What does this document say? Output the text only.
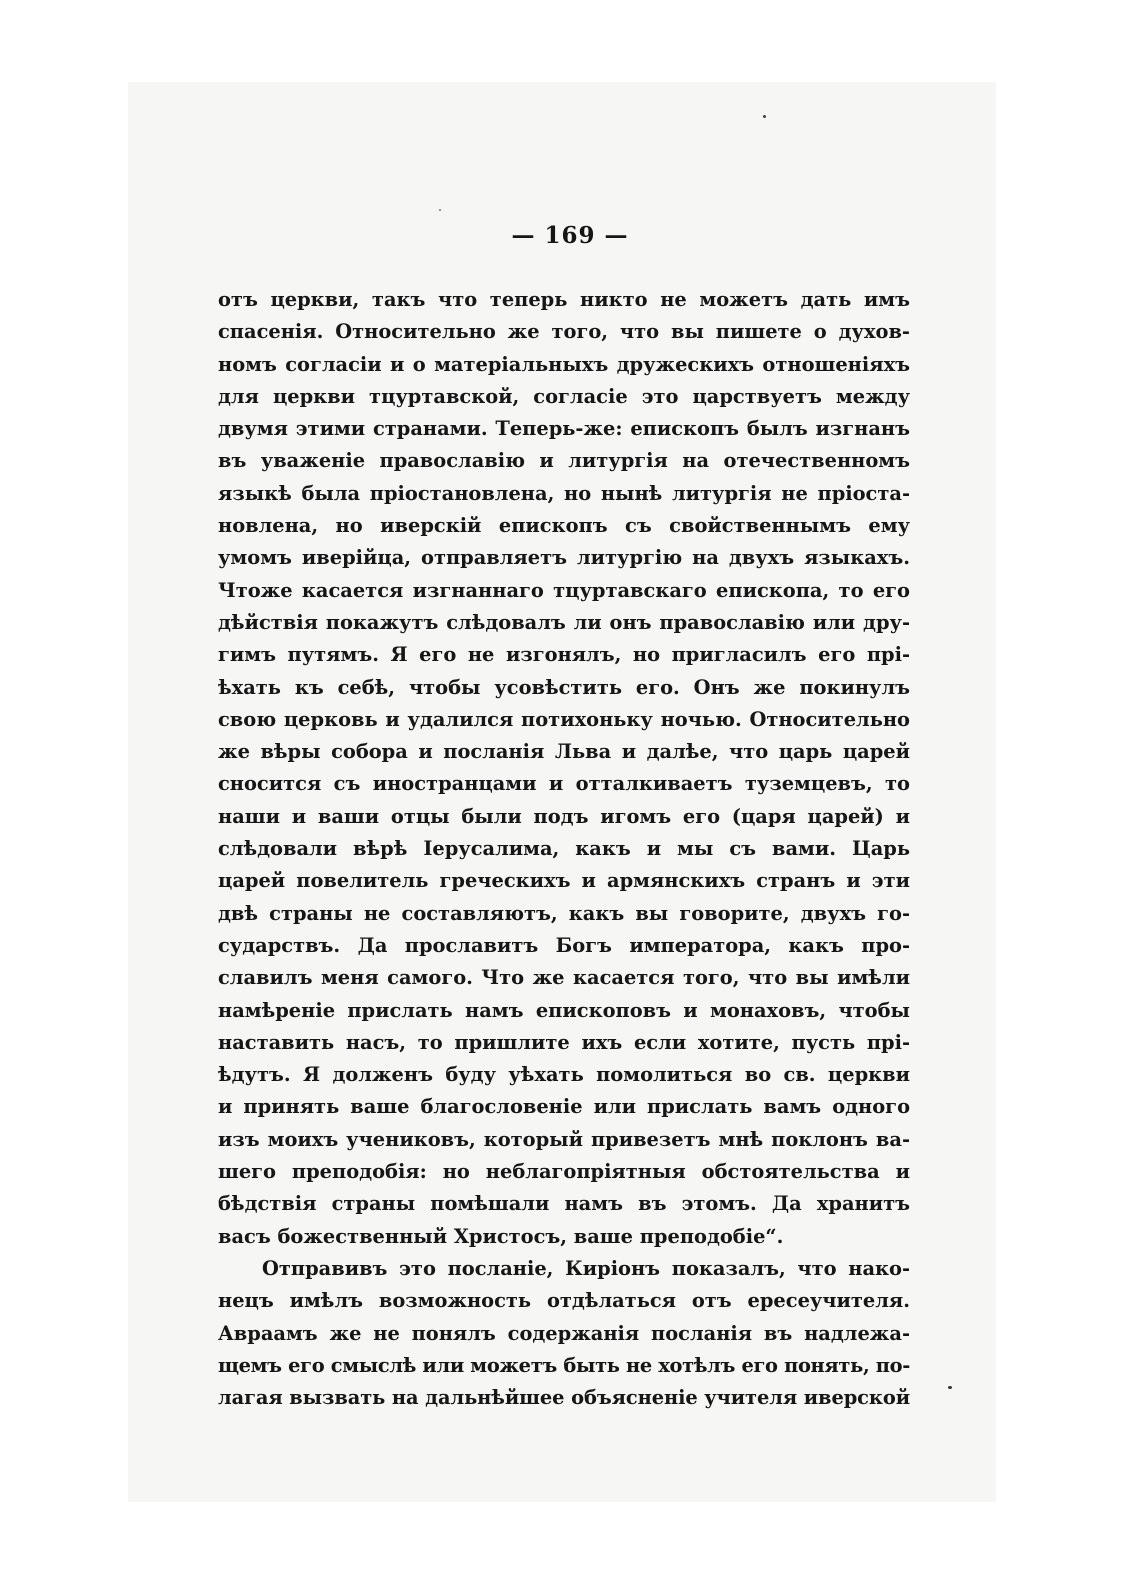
— 169 —
отъ церкви, такъ что теперь никто не можетъ дать имъ
спасенія. Относительно же того, что вы пишете о духов-
номъ согласіи и о матеріальныхъ дружескихъ отношеніяхъ
для церкви тцуртавской, согласіе это царствуетъ между
двумя этими странами. Теперь-же: епископъ былъ изгнанъ
въ уваженіе православію и литургія на отечественномъ
языкѣ была пріостановлена, но нынѣ литургія не пріоста-
новлена, но иверскій епископъ съ свойственнымъ ему
умомъ иверійца, отправляетъ литургію на двухъ языкахъ.
Чтоже касается изгнаннаго тцуртавскаго епископа, то его
дѣйствія покажутъ слѣдовалъ ли онъ православію или дру-
гимъ путямъ. Я его не изгонялъ, но пригласилъ его прі-
ѣхать къ себѣ, чтобы усовѣстить его. Онъ же покинулъ
свою церковь и удалился потихоньку ночью. Относительно
же вѣры собора и посланія Льва и далѣе, что царь царей
сносится съ иностранцами и отталкиваетъ туземцевъ, то
наши и ваши отцы были подъ игомъ его (царя царей) и
слѣдовали вѣрѣ Іерусалима, какъ и мы съ вами. Царь
царей повелитель греческихъ и армянскихъ странъ и эти
двѣ страны не составляютъ, какъ вы говорите, двухъ го-
сударствъ. Да прославитъ Богъ императора, какъ про-
славилъ меня самого. Что же касается того, что вы имѣли
намѣреніе прислать намъ епископовъ и монаховъ, чтобы
наставить насъ, то пришлите ихъ если хотите, пусть прі-
ѣдутъ. Я долженъ буду уѣхать помолиться во св. церкви
и принять ваше благословеніе или прислать вамъ одного
изъ моихъ учениковъ, который привезетъ мнѣ поклонъ ва-
шего преподобія: но неблагопріятныя обстоятельства и
бѣдствія страны помѣшали намъ въ этомъ. Да хранитъ
васъ божественный Христосъ, ваше преподобіе“.
Отправивъ это посланіе, Киріонъ показалъ, что нако-
нецъ имѣлъ возможность отдѣлаться отъ ересеучителя.
Авраамъ же не понялъ содержанія посланія въ надлежа-
щемъ его смыслѣ или можетъ быть не хотѣлъ его понять, по-
лагая вызвать на дальнѣйшее объясненіе учителя иверской
